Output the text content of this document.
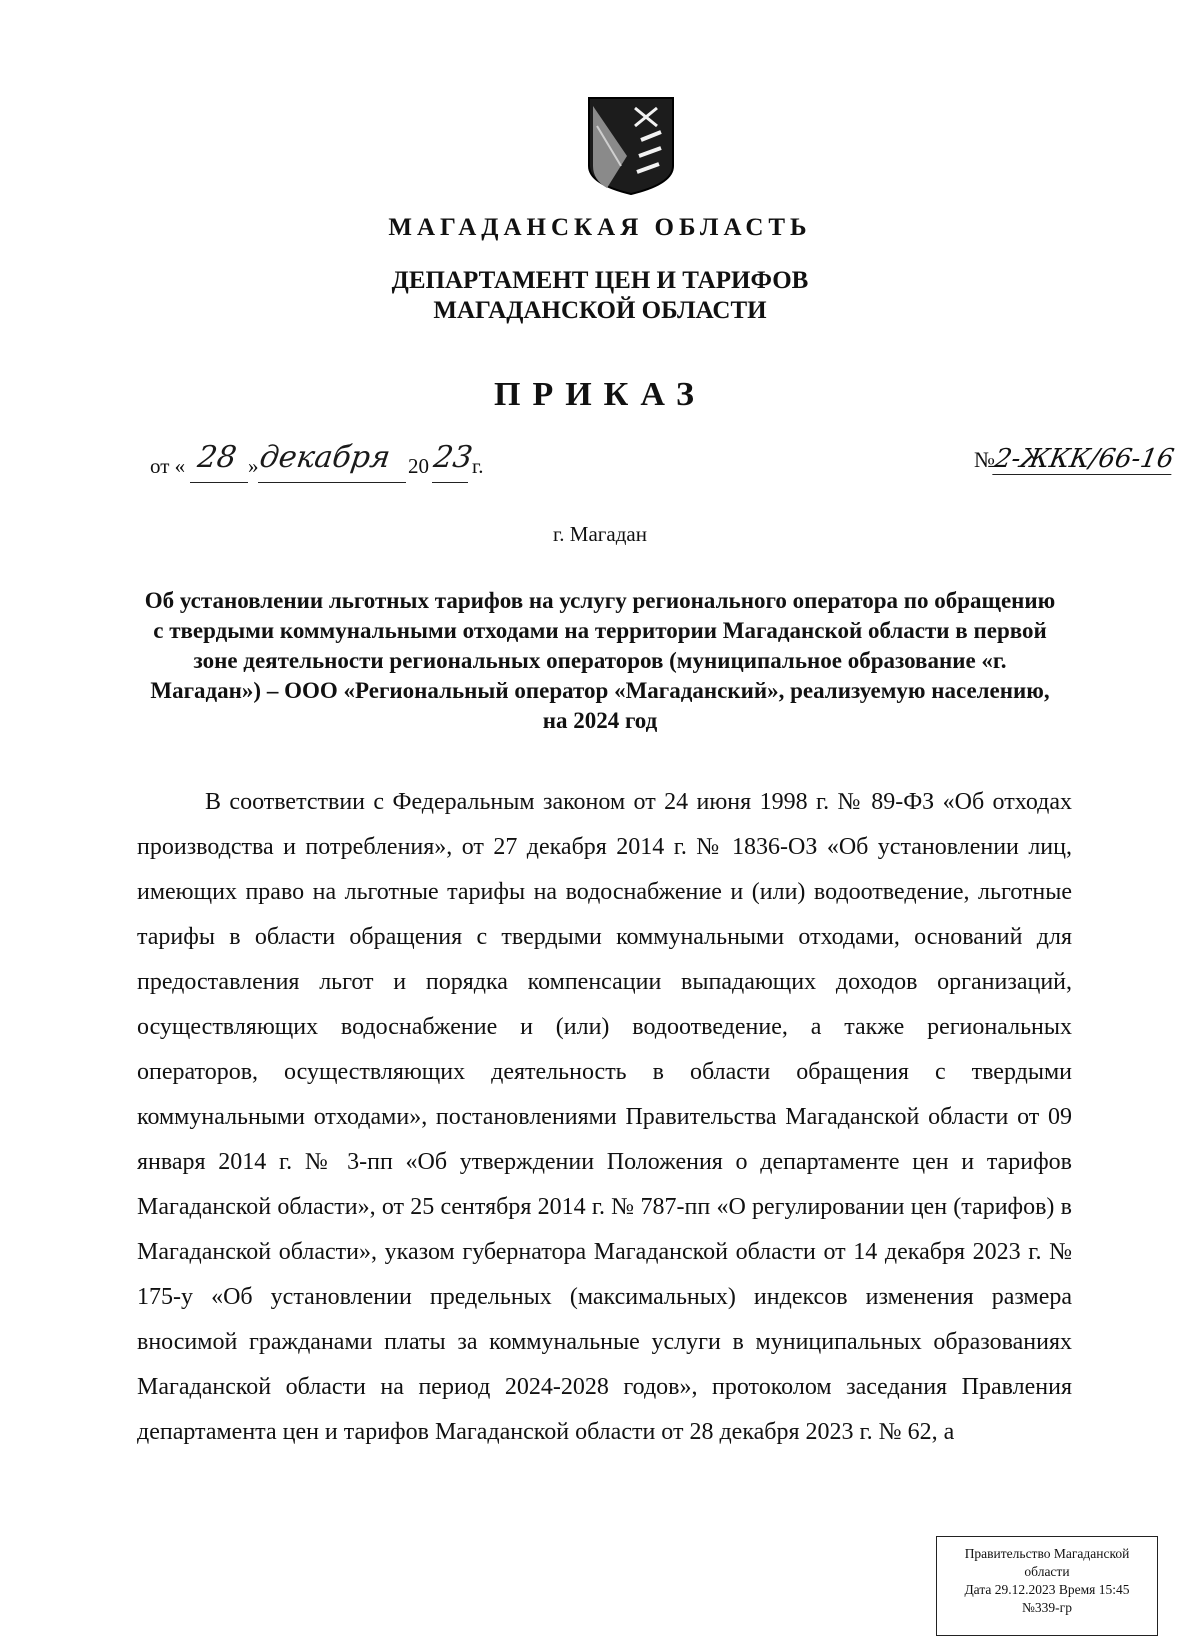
МАГАДАНСКАЯ ОБЛАСТЬ
ДЕПАРТАМЕНТ ЦЕН И ТАРИФОВ
МАГАДАНСКОЙ ОБЛАСТИ
ПРИКАЗ
от « 28 » декабря 20 23
г.	№2-ЖКК/66-16
г. Магадан
Об установлении льготных тарифов на услугу регионального оператора по обращению с твердыми коммунальными отходами на территории Магаданской области в первой зоне деятельности региональных операторов (муниципальное образование «г. Магадан») – ООО «Региональный оператор «Магаданский», реализуемую населению, на 2024 год
В соответствии с Федеральным законом от 24 июня 1998 г. № 89-ФЗ «Об отходах производства и потребления», от 27 декабря 2014 г. № 1836-ОЗ «Об установлении лиц, имеющих право на льготные тарифы на водоснабжение и (или) водоотведение, льготные тарифы в области обращения с твердыми коммунальными отходами, оснований для предоставления льгот и порядка компенсации выпадающих доходов организаций, осуществляющих водоснабжение и (или) водоотведение, а также региональных операторов, осуществляющих деятельность в области обращения с твердыми коммунальными отходами», постановлениями Правительства Магаданской области от 09 января 2014 г. № 3-пп «Об утверждении Положения о департаменте цен и тарифов Магаданской области», от 25 сентября 2014 г. № 787-пп «О регулировании цен (тарифов) в Магаданской области», указом губернатора Магаданской области от 14 декабря 2023 г. № 175-у «Об установлении предельных (максимальных) индексов изменения размера вносимой гражданами платы за коммунальные услуги в муниципальных образованиях Магаданской области на период 2024-2028 годов», протоколом заседания Правления департамента цен и тарифов Магаданской области от 28 декабря 2023 г. № 62, а
Правительство Магаданской
области
Дата 29.12.2023 Время 15:45
№339-гр
